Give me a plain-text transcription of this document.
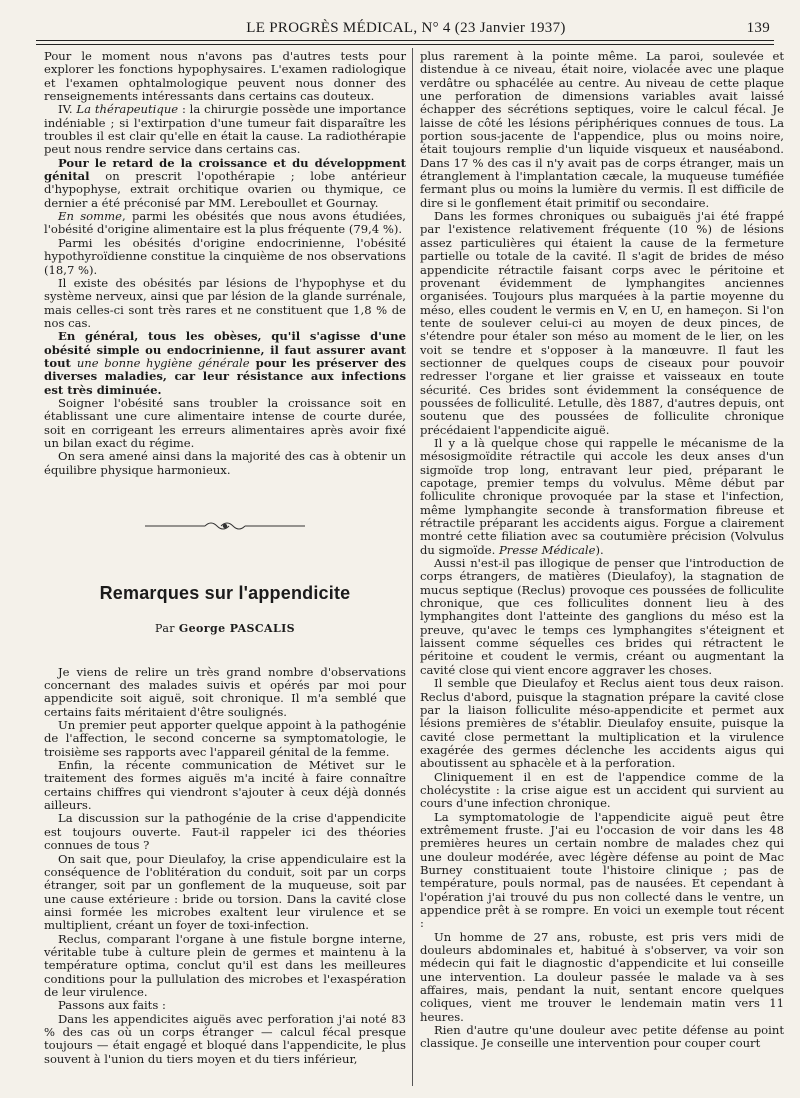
LE PROGRÈS MÉDICAL, N° 4 (23 Janvier 1937)	139

Pour le moment nous n'avons pas d'autres tests pour explorer les fonctions hypophysaires. L'examen radiologique et l'examen ophtalmologique peuvent nous donner des renseignements intéressants dans certains cas douteux.

IV. La thérapeutique : la chirurgie possède une importance indéniable ; si l'extirpation d'une tumeur fait disparaître les troubles il est clair qu'elle en était la cause. La radiothérapie peut nous rendre service dans certains cas.

Pour le retard de la croissance et du développment génital on prescrit l'opothérapie ; lobe antérieur d'hypophyse, extrait orchitique ovarien ou thymique, ce dernier a été préconisé par MM. Lereboullet et Gournay.

En somme, parmi les obésités que nous avons étudiées, l'obésité d'origine alimentaire est la plus fréquente (79,4 %).

Parmi les obésités d'origine endocrinienne, l'obésité hypothyroïdienne constitue la cinquième de nos observations (18,7 %).

Il existe des obésités par lésions de l'hypophyse et du système nerveux, ainsi que par lésion de la glande surrénale, mais celles-ci sont très rares et ne constituent que 1,8 % de nos cas.

En général, tous les obèses, qu'il s'agisse d'une obésité simple ou endocrinienne, il faut assurer avant tout une bonne hygiène générale pour les préserver des diverses maladies, car leur résistance aux infections est très diminuée.

Soigner l'obésité sans troubler la croissance soit en établissant une cure alimentaire intense de courte durée, soit en corrigeant les erreurs alimentaires après avoir fixé un bilan exact du régime.

On sera amené ainsi dans la majorité des cas à obtenir un équilibre physique harmonieux.

Remarques sur l'appendicite
Par George PASCALIS

Je viens de relire un très grand nombre d'observations concernant des malades suivis et opérés par moi pour appendicite soit aiguë, soit chronique. Il m'a semblé que certains faits méritaient d'être soulignés.

Un premier peut apporter quelque appoint à la pathogénie de l'affection, le second concerne sa symptomatologie, le troisième ses rapports avec l'appareil génital de la femme.

Enfin, la récente communication de Métivet sur le traitement des formes aiguës m'a incité à faire connaître certains chiffres qui viendront s'ajouter à ceux déjà donnés ailleurs.

La discussion sur la pathogénie de la crise d'appendicite est toujours ouverte. Faut-il rappeler ici des théories connues de tous ?

On sait que, pour Dieulafoy, la crise appendiculaire est la conséquence de l'oblitération du conduit, soit par un corps étranger, soit par un gonflement de la muqueuse, soit par une cause extérieure : bride ou torsion. Dans la cavité close ainsi formée les microbes exaltent leur virulence et se multiplient, créant un foyer de toxi-infection.

Reclus, comparant l'organe à une fistule borgne interne, véritable tube à culture plein de germes et maintenu à la température optima, conclut qu'il est dans les meilleures conditions pour la pullulation des microbes et l'exaspération de leur virulence.

Passons aux faits :

Dans les appendicites aiguës avec perforation j'ai noté 83 % des cas où un corps étranger — calcul fécal presque toujours — était engagé et bloqué dans l'appendicite, le plus souvent à l'union du tiers moyen et du tiers inférieur,

plus rarement à la pointe même. La paroi, soulevée et distendue à ce niveau, était noire, violacée avec une plaque verdâtre ou sphacélée au centre. Au niveau de cette plaque une perforation de dimensions variables avait laissé échapper des sécrétions septiques, voire le calcul fécal. Je laisse de côté les lésions périphériques connues de tous. La portion sous-jacente de l'appendice, plus ou moins noire, était toujours remplie d'un liquide visqueux et nauséabond. Dans 17 % des cas il n'y avait pas de corps étranger, mais un étranglement à l'implantation cæcale, la muqueuse tuméfiée fermant plus ou moins la lumière du vermis. Il est difficile de dire si le gonflement était primitif ou secondaire.

Dans les formes chroniques ou subaiguës j'ai été frappé par l'existence relativement fréquente (10 %) de lésions assez particulières qui étaient la cause de la fermeture partielle ou totale de la cavité. Il s'agit de brides de méso appendicite rétractile faisant corps avec le péritoine et provenant évidemment de lymphangites anciennes organisées. Toujours plus marquées à la partie moyenne du méso, elles coudent le vermis en V, en U, en hameçon. Si l'on tente de soulever celui-ci au moyen de deux pinces, de s'étendre pour étaler son méso au moment de le lier, on les voit se tendre et s'opposer à la manœuvre. Il faut les sectionner de quelques coups de ciseaux pour pouvoir redresser l'organe et lier graisse et vaisseaux en toute sécurité. Ces brides sont évidemment la conséquence de poussées de folliculité. Letulle, dès 1887, d'autres depuis, ont soutenu que des poussées de folliculite chronique précédaient l'appendicite aiguë.

Il y a là quelque chose qui rappelle le mécanisme de la mésosigmoïdite rétractile qui accole les deux anses d'un sigmoïde trop long, entravant leur pied, préparant le capotage, premier temps du volvulus. Même début par folliculite chronique provoquée par la stase et l'infection, même lymphangite seconde à transformation fibreuse et rétractile préparant les accidents aigus. Forgue a clairement montré cette filiation avec sa coutumière précision (Volvulus du sigmoïde. Presse Médicale).

Aussi n'est-il pas illogique de penser que l'introduction de corps étrangers, de matières (Dieulafoy), la stagnation de mucus septique (Reclus) provoque ces poussées de folliculite chronique, que ces folliculites donnent lieu à des lymphangites dont l'atteinte des ganglions du méso est la preuve, qu'avec le temps ces lymphangites s'éteignent et laissent comme séquelles ces brides qui rétractent le péritoine et coudent le vermis, créant ou augmentant la cavité close qui vient encore aggraver les choses.

Il semble que Dieulafoy et Reclus aient tous deux raison. Reclus d'abord, puisque la stagnation prépare la cavité close par la liaison folliculite méso-appendicite et permet aux lésions premières de s'établir. Dieulafoy ensuite, puisque la cavité close permettant la multiplication et la virulence exagérée des germes déclenche les accidents aigus qui aboutissent au sphacèle et à la perforation.

Cliniquement il en est de l'appendice comme de la cholécystite : la crise aigue est un accident qui survient au cours d'une infection chronique.

La symptomatologie de l'appendicite aiguë peut être extrêmement fruste. J'ai eu l'occasion de voir dans les 48 premières heures un certain nombre de malades chez qui une douleur modérée, avec légère défense au point de Mac Burney constituaient toute l'histoire clinique ; pas de température, pouls normal, pas de nausées. Et cependant à l'opération j'ai trouvé du pus non collecté dans le ventre, un appendice prêt à se rompre. En voici un exemple tout récent :

Un homme de 27 ans, robuste, est pris vers midi de douleurs abdominales et, habitué à s'observer, va voir son médecin qui fait le diagnostic d'appendicite et lui conseille une intervention. La douleur passée le malade va à ses affaires, mais, pendant la nuit, sentant encore quelques coliques, vient me trouver le lendemain matin vers 11 heures.

Rien d'autre qu'une douleur avec petite défense au point classique. Je conseille une intervention pour couper court
